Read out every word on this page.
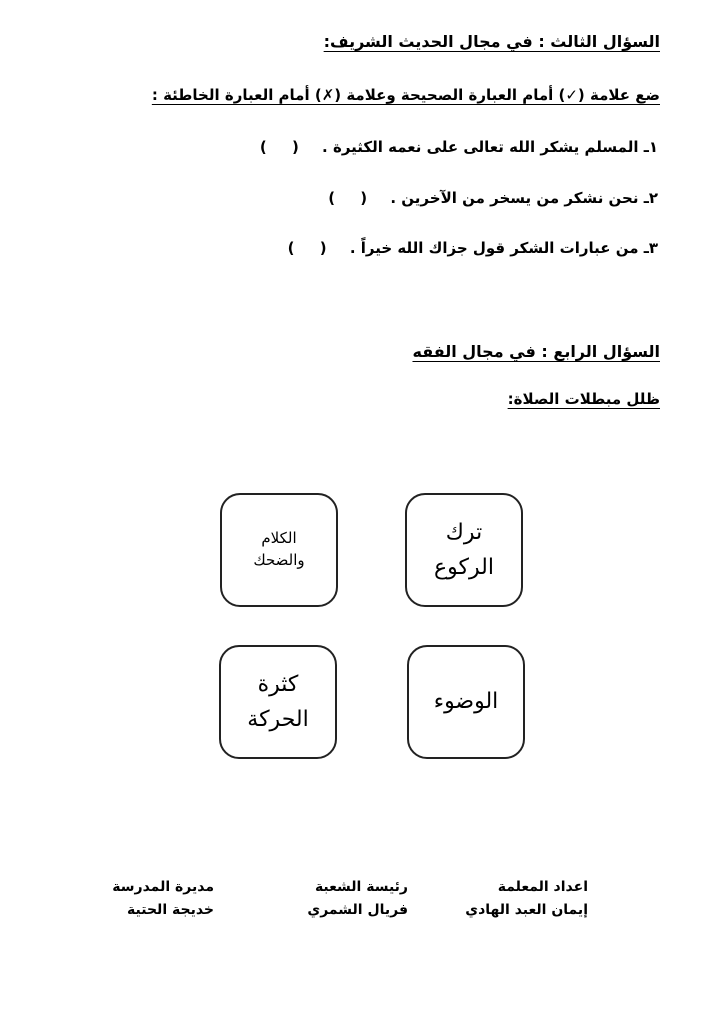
السؤال الثالث : في مجال الحديث الشريف:
ضع علامة (✓) أمام العبارة الصحيحة وعلامة (✗) أمام العبارة الخاطئة :
١ـ المسلم يشكر الله تعالى على نعمه الكثيرة . ( )
٢ـ نحن نشكر من يسخر من الآخرين . ( )
٣ـ من عبارات الشكر قول جزاك الله خيراً . ( )
السؤال الرابع : في مجال الفقه
ظلل مبطلات الصلاة:
ترك
الركوع
الكلام
والضحك
الوضوء
كثرة
الحركة
اعداد المعلمة
إيمان العبد الهادي
رئيسة الشعبة
فريال الشمري
مديرة المدرسة
خديجة الحتية
